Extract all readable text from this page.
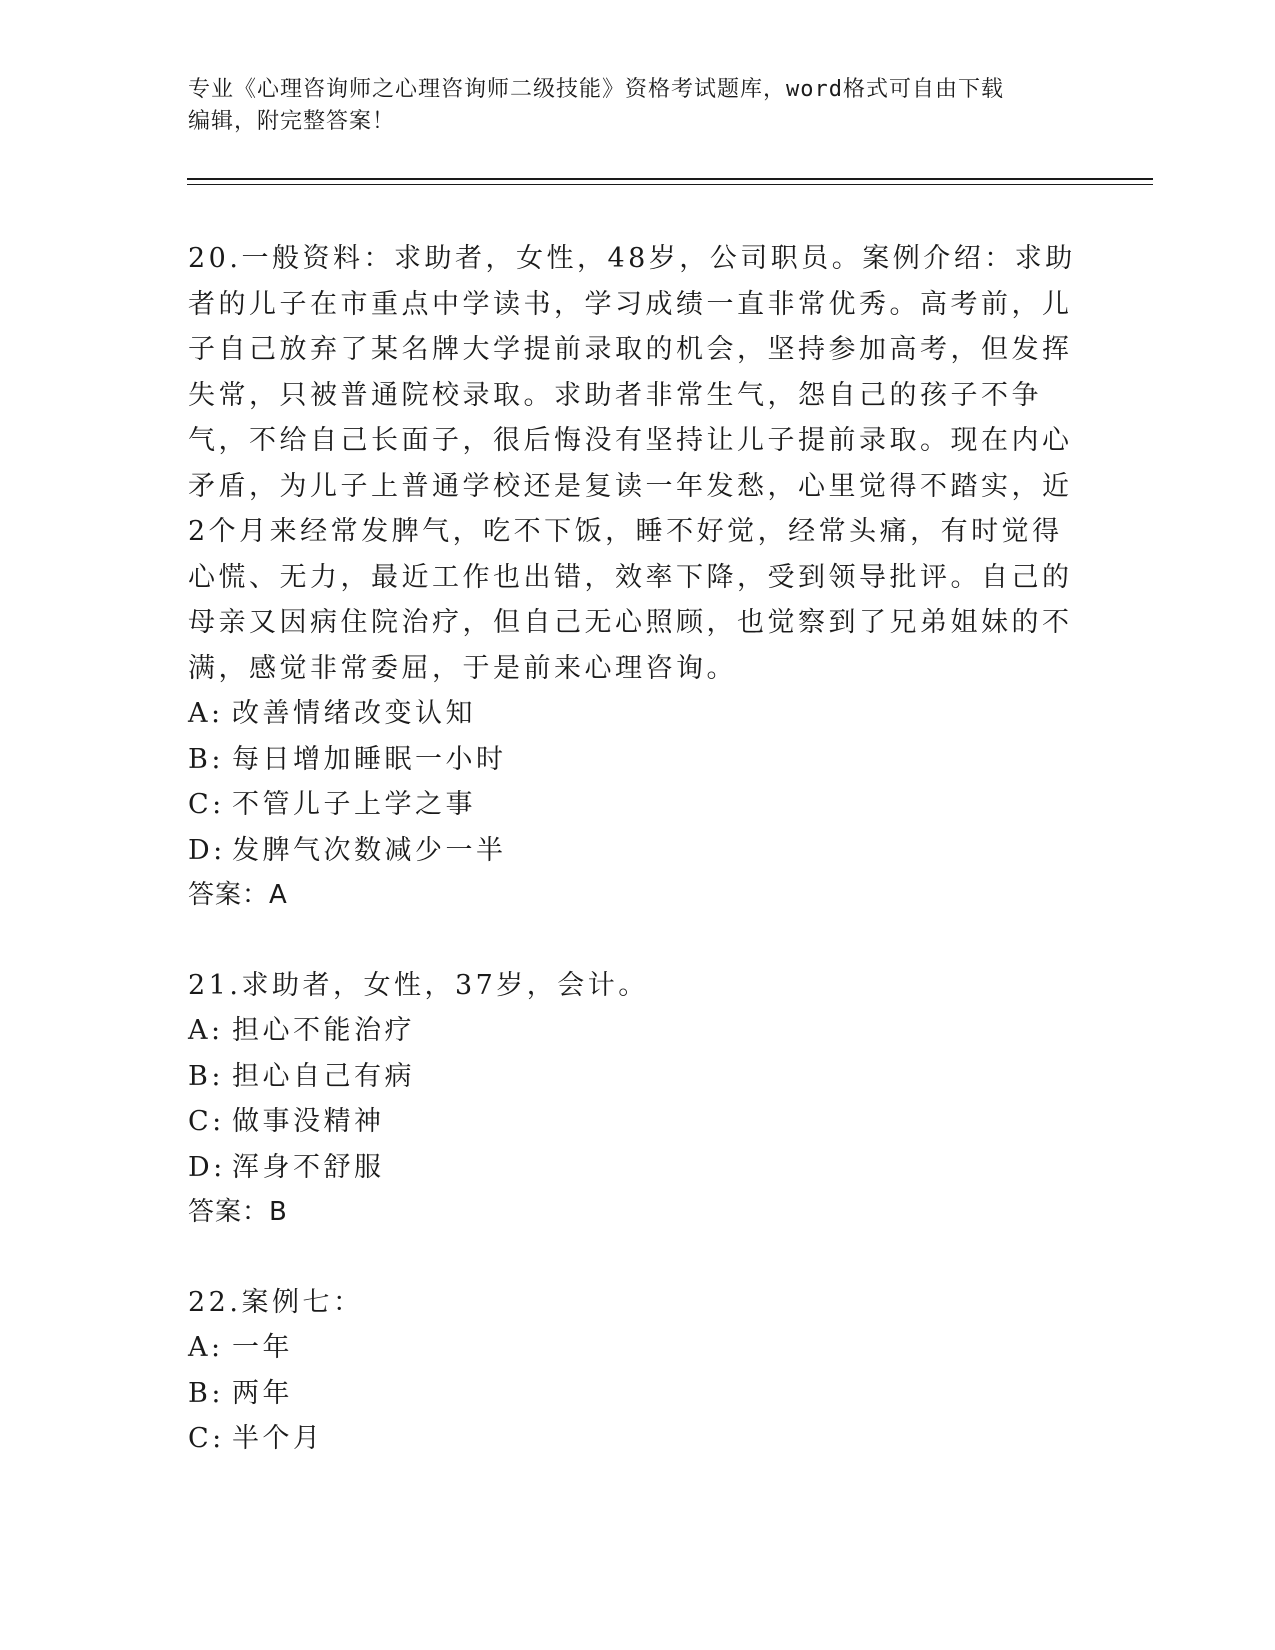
专业《心理咨询师之心理咨询师二级技能》资格考试题库，word格式可自由下载
编辑，附完整答案！

20.一般资料：求助者，女性，48岁，公司职员。案例介绍：求助者的儿子在市重点中学读书，学习成绩一直非常优秀。高考前，儿子自己放弃了某名牌大学提前录取的机会，坚持参加高考，但发挥失常，只被普通院校录取。求助者非常生气，怨自己的孩子不争气，不给自己长面子，很后悔没有坚持让儿子提前录取。现在内心矛盾，为儿子上普通学校还是复读一年发愁，心里觉得不踏实，近2个月来经常发脾气，吃不下饭，睡不好觉，经常头痛，有时觉得心慌、无力，最近工作也出错，效率下降，受到领导批评。自己的母亲又因病住院治疗，但自己无心照顾，也觉察到了兄弟姐妹的不满，感觉非常委屈，于是前来心理咨询。

A: 改善情绪改变认知

B: 每日增加睡眠一小时

C: 不管儿子上学之事

D: 发脾气次数减少一半

答案：A

21.求助者，女性，37岁，会计。

A: 担心不能治疗

B: 担心自己有病

C: 做事没精神

D: 浑身不舒服

答案：B

22.案例七：

A: 一年

B: 两年

C: 半个月
